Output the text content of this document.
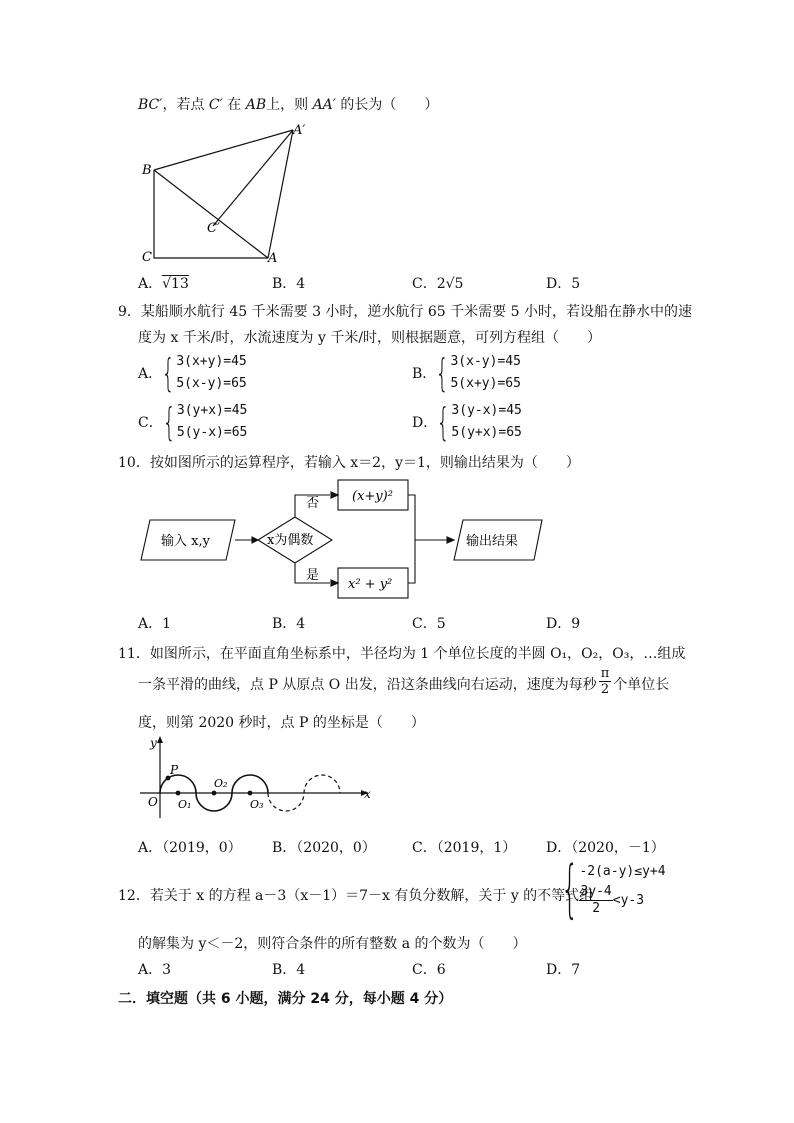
BC′，若点 C′ 在 AB上，则 AA′ 的长为（　　）
B
C	A
A′
C′
A．√13	B．4	C．2√5	D．5
9．某船顺水航行 45 千米需要 3 小时，逆水航行 65 千米需要 5 小时，若设船在静水中的速
度为 x 千米/时，水流速度为 y 千米/时，则根据题意，可列方程组（　　）
A． { 3(x+y)=45
5(x-y)=65
B． { 3(x-y)=45
5(x+y)=65
C． { 3(y+x)=45
5(y-x)=65
D． { 3(y-x)=45
5(y+x)=65
10．按如图所示的运算程序，若输入 x＝2，y＝1，则输出结果为（　　）
输入 x,y	x为偶数
否
是
(x+y)²
x² + y²
输出结果
A．1	B．4	C．5	D．9
11．如图所示，在平面直角坐标系中，半径均为 1 个单位长度的半圆 O₁，O₂，O₃，…组成
一条平滑的曲线，点 P 从原点 O 出发，沿这条曲线向右运动，速度为每秒
π
2 个单位长
度，则第 2020 秒时，点 P 的坐标是（　　）
y
x
O
P
O₁
O₂
O₃
A．（2019，0） B．（2020，0）	C．（2019，1） D．（2020，－1）
12．若关于 x 的方程 a－3（x－1）＝7－x 有负分数解，关于 y 的不等式组
{ -2(a-y)≤y+4
3y-4
2
<y-3
的解集为 y＜－2，则符合条件的所有整数 a 的个数为（　　）
A．3	B．4	C．6	D．7
二．填空题（共 6 小题，满分 24 分，每小题 4 分）
